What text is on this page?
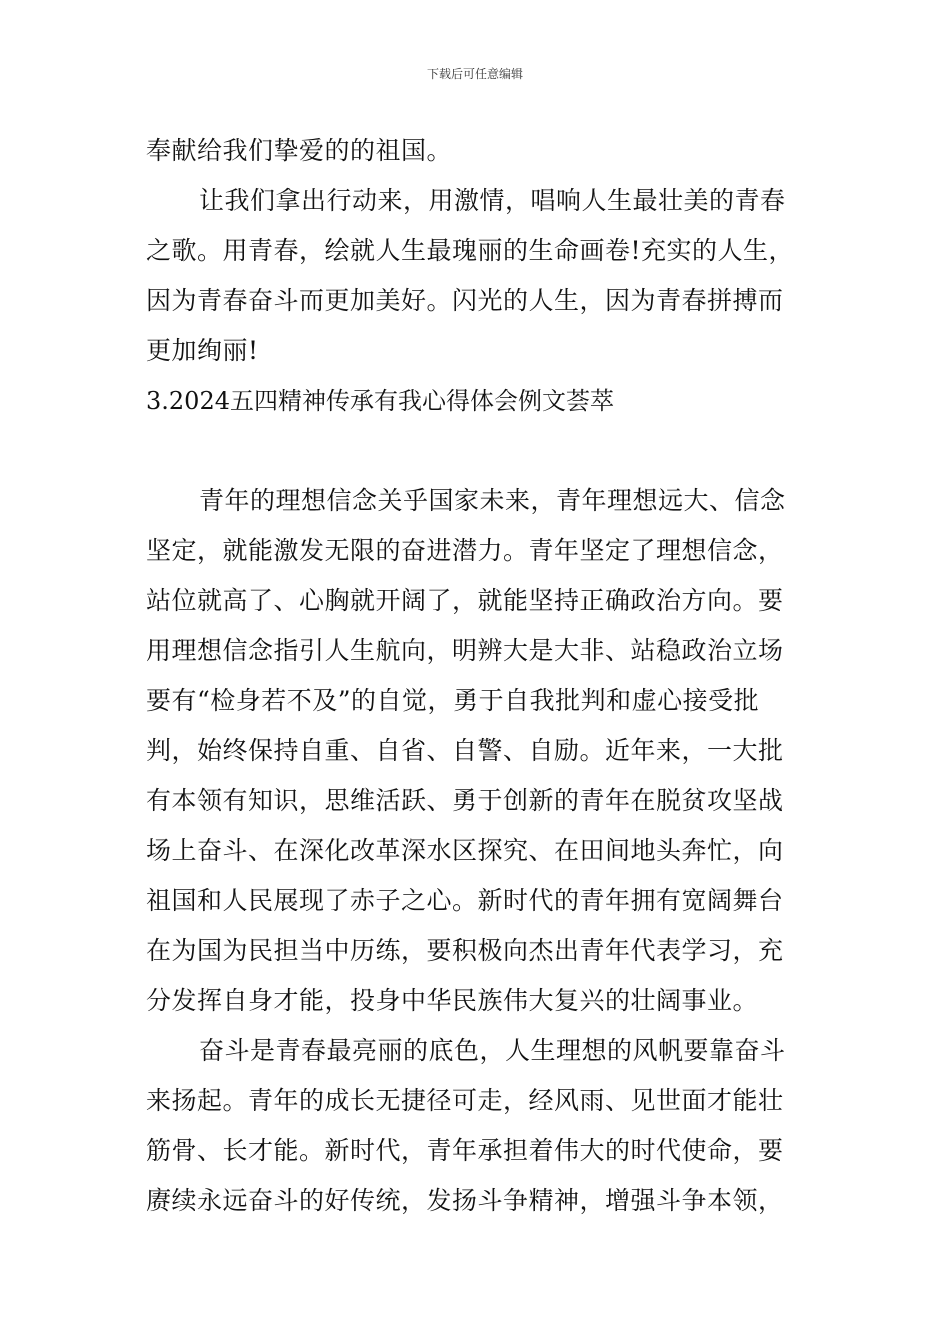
下载后可任意编辑
奉献给我们挚爱的的祖国。
让我们拿出行动来，用激情，唱响人生最壮美的青春
之歌。用青春，绘就人生最瑰丽的生命画卷!充实的人生，
因为青春奋斗而更加美好。闪光的人生，因为青春拼搏而
更加绚丽!
3.2024五四精神传承有我心得体会例文荟萃
青年的理想信念关乎国家未来，青年理想远大、信念
坚定，就能激发无限的奋进潜力。青年坚定了理想信念，
站位就高了、心胸就开阔了，就能坚持正确政治方向。要
用理想信念指引人生航向，明辨大是大非、站稳政治立场
要有“检身若不及”的自觉，勇于自我批判和虚心接受批
判，始终保持自重、自省、自警、自励。近年来，一大批
有本领有知识，思维活跃、勇于创新的青年在脱贫攻坚战
场上奋斗、在深化改革深水区探究、在田间地头奔忙，向
祖国和人民展现了赤子之心。新时代的青年拥有宽阔舞台
在为国为民担当中历练，要积极向杰出青年代表学习，充
分发挥自身才能，投身中华民族伟大复兴的壮阔事业。
奋斗是青春最亮丽的底色，人生理想的风帆要靠奋斗
来扬起。青年的成长无捷径可走，经风雨、见世面才能壮
筋骨、长才能。新时代，青年承担着伟大的时代使命，要
赓续永远奋斗的好传统，发扬斗争精神，增强斗争本领，
